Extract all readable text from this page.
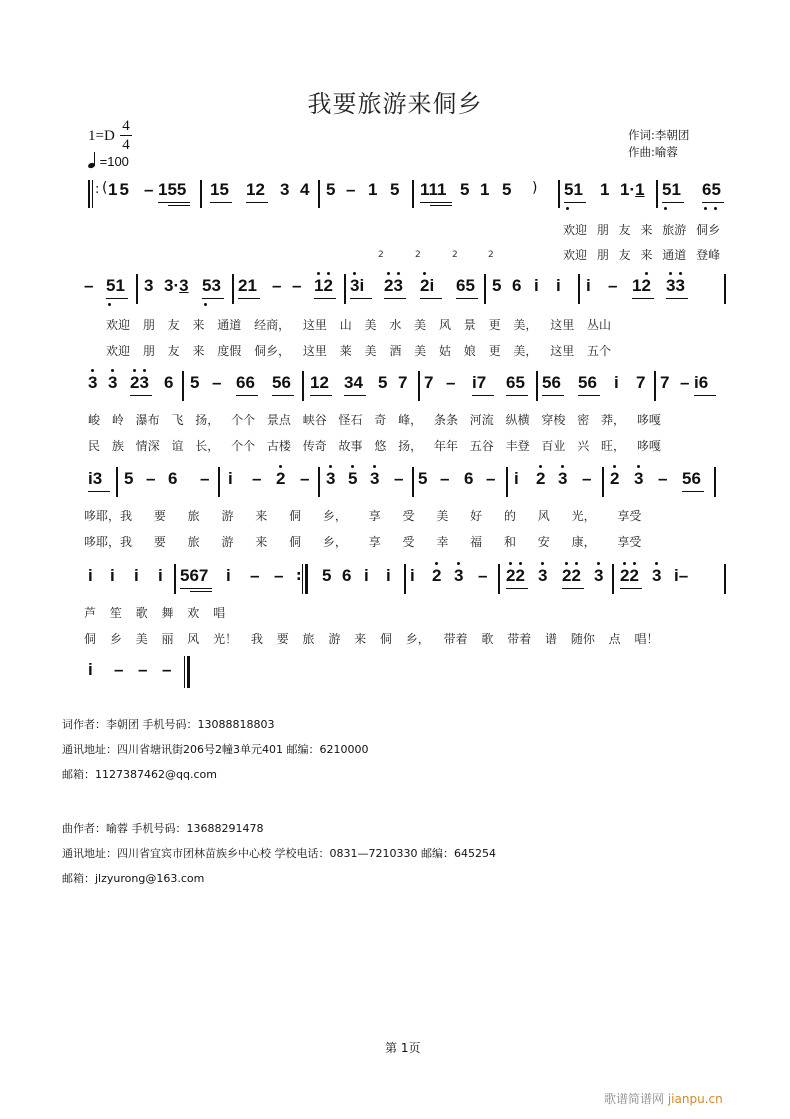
我要旅游来侗乡
1=D
4
4
=100
作词:李朝团
作曲:喻蓉
: ( 1 5 – 155 15 12 3 4 5 – 1 5 111 5 1 5 ) 51 1 1·1 51 65
欢迎 朋 友 来 旅游 侗乡
欢迎 朋 友 来 通道 登峰
2	2	2	2
– 51 3 3·3 53 21 – – 12 3i 23 2i 65 5 6 i i i – 12 33
欢迎 朋 友 来 通道 经商， 这里 山 美 水 美 风 景 更 美， 这里 丛山
欢迎 朋 友 来 度假 侗乡， 这里 莱 美 酒 美 姑 娘 更 美， 这里 五个
3 3 23 6 5 – 66 56 12 34 5 7 7 – i7 65 56 56 i 7 7 – i6
峻 岭 瀑布 飞 扬， 个个 景点 峡谷 怪石 奇 峰， 条条 河流 纵横 穿梭 密 莽， 哆嘎
民 族 情深 谊 长， 个个 古楼 传奇 故事 悠 扬， 年年 五谷 丰登 百业 兴 旺， 哆嘎
i3 5 – 6 – i – 2 – 3 5 3 – 5 – 6 – i 2 3 – 2 3 – 56
哆耶，我 要 旅 游 来 侗 乡， 享 受 美 好 的 风 光， 享受
哆耶，我 要 旅 游 来 侗 乡， 享 受 幸 福 和 安 康， 享受
i i i i 567 i – – : 5 6 i i i 2 3 – 22 3 22 3 22 3 i–
芦 笙 歌 舞 欢 唱
侗 乡 美 丽 风 光！ 我 要 旅 游 来 侗 乡， 带着 歌 带着 谱 随你 点 唱！
i – – –
词作者：李朝团 手机号码：13088818803
通讯地址：四川省塘讯街206号2幢3单元401 邮编：6210000
邮箱：1127387462@qq.com
曲作者：喻蓉 手机号码：13688291478
通讯地址：四川省宜宾市团林苗族乡中心校 学校电话：0831—7210330 邮编：645254
邮箱：jlzyurong@163.com
第 1页
歌谱简谱网 jianpu.cn
